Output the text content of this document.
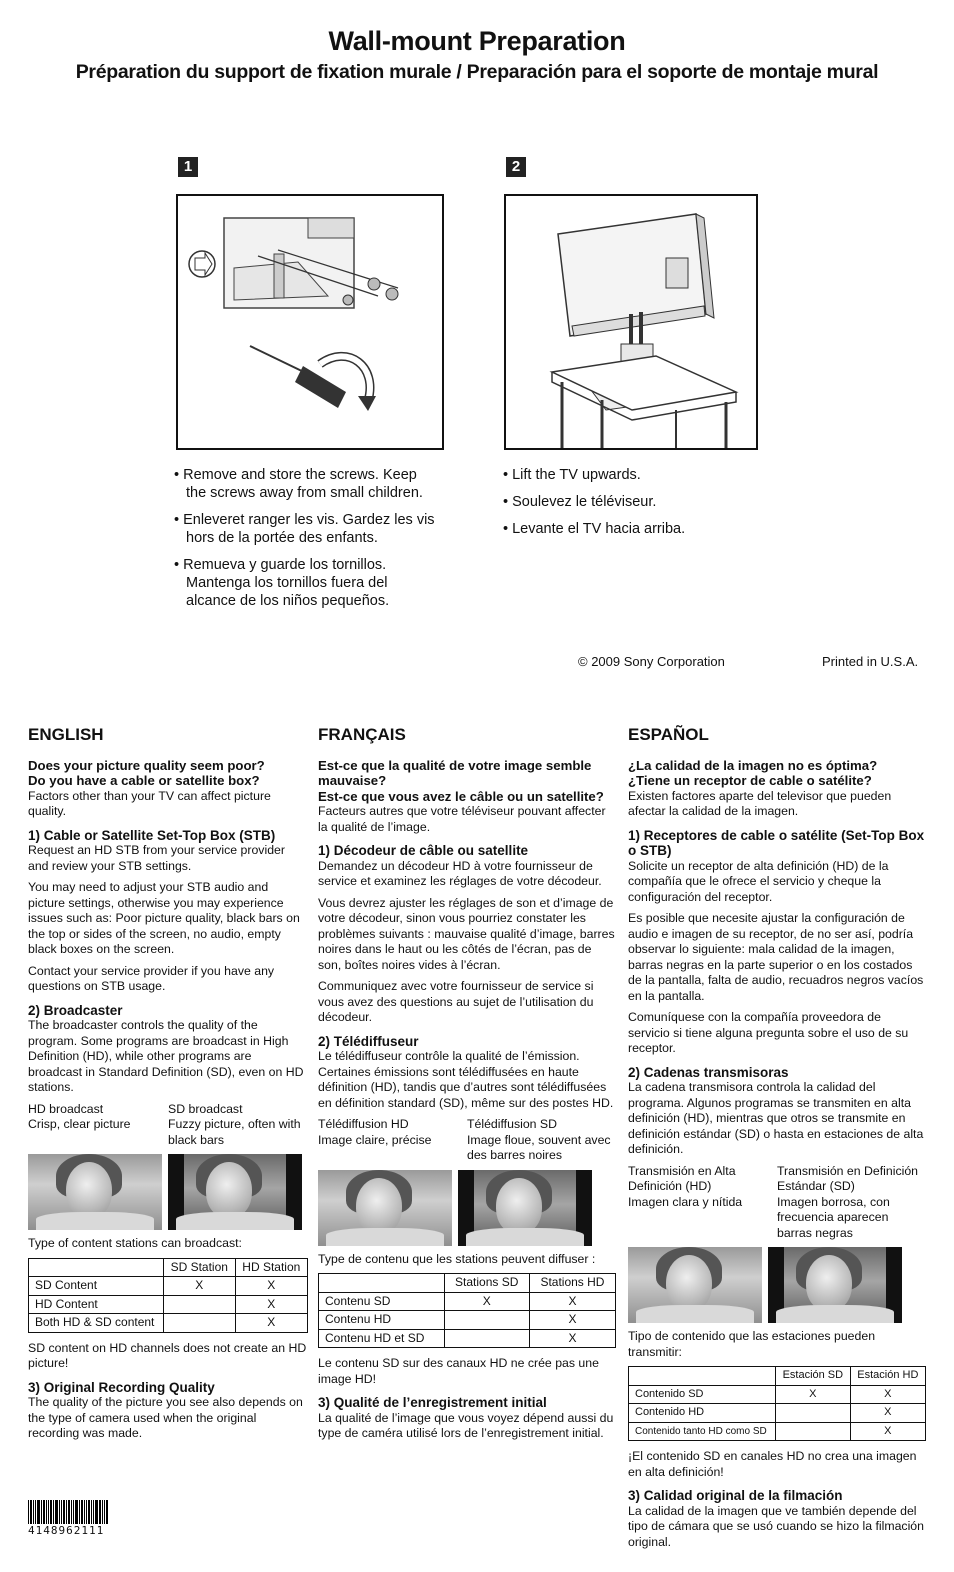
Wall-mount Preparation
Préparation du support de fixation murale / Preparación para el soporte de montaje mural
1

• Remove and store the screws. Keep the screws away from small children.

• Enleveret ranger les vis. Gardez les vis hors de la portée des enfants.

• Remueva y guarde los tornillos. Mantenga los tornillos fuera del alcance de los niños pequeños.

2

• Lift the TV upwards.

• Soulevez le téléviseur.

• Levante el TV hacia arriba.

© 2009 Sony Corporation	Printed in U.S.A.
ENGLISH
Does your picture quality seem poor?
Do you have a cable or satellite box?

Factors other than your TV can affect picture quality.

1) Cable or Satellite Set-Top Box (STB)

Request an HD STB from your service provider and review your STB settings.

You may need to adjust your STB audio and picture settings, otherwise you may experience issues such as: Poor picture quality, black bars on the top or sides of the screen, no audio, empty black boxes on the screen.

Contact your service provider if you have any questions on STB usage.

2) Broadcaster

The broadcaster controls the quality of the program. Some programs are broadcast in High Definition (HD), while other programs are broadcast in Standard Definition (SD), even on HD stations.

HD broadcast
Crisp, clear picture
SD broadcast
Fuzzy picture, often with black bars

Type of content stations can broadcast:

	SD Station	HD Station
SD Content	X	X
HD Content		X
Both HD & SD content		X

SD content on HD channels does not create an HD picture!

3) Original Recording Quality

The quality of the picture you see also depends on the type of camera used when the original recording was made.

FRANÇAIS
Est-ce que la qualité de votre image semble mauvaise?
Est-ce que vous avez le câble ou un satellite?

Facteurs autres que votre téléviseur pouvant affecter la qualité de l’image.

1) Décodeur de câble ou satellite

Demandez un décodeur HD à votre fournisseur de service et examinez les réglages de votre décodeur.

Vous devrez ajuster les réglages de son et d’image de votre décodeur, sinon vous pourriez constater les problèmes suivants : mauvaise qualité d’image, barres noires dans le haut ou les côtés de l’écran, pas de son, boîtes noires vides à l’écran.

Communiquez avec votre fournisseur de service si vous avez des questions au sujet de l’utilisation du décodeur.

2) Télédiffuseur

Le télédiffuseur contrôle la qualité de l’émission. Certaines émissions sont télédiffusées en haute définition (HD), tandis que d’autres sont télédiffusées en définition standard (SD), même sur des postes HD.

Télédiffusion HD
Image claire, précise
Télédiffusion SD
Image floue, souvent avec des barres noires

Type de contenu que les stations peuvent diffuser :

	Stations SD	Stations HD
Contenu SD	X	X
Contenu HD		X
Contenu HD et SD		X

Le contenu SD sur des canaux HD ne crée pas une image HD!

3) Qualité de l’enregistrement initial

La qualité de l’image que vous voyez dépend aussi du type de caméra utilisé lors de l’enregistrement initial.

ESPAÑOL
¿La calidad de la imagen no es óptima?
¿Tiene un receptor de cable o satélite?

Existen factores aparte del televisor que pueden afectar la calidad de la imagen.

1) Receptores de cable o satélite (Set-Top Box o STB)

Solicite un receptor de alta definición (HD) de la compañía que le ofrece el servicio y cheque la configuración del receptor.

Es posible que necesite ajustar la configuración de audio e imagen de su receptor, de no ser así, podría observar lo siguiente: mala calidad de la imagen, barras negras en la parte superior o en los costados de la pantalla, falta de audio, recuadros negros vacíos en la pantalla.

Comuníquese con la compañía proveedora de servicio si tiene alguna pregunta sobre el uso de su receptor.

2) Cadenas transmisoras

La cadena transmisora controla la calidad del programa. Algunos programas se transmiten en alta definición (HD), mientras que otros se transmite en definición estándar (SD) o hasta en estaciones de alta definición.

Transmisión en Alta Definición (HD)
Imagen clara y nítida
Transmisión en Definición Estándar (SD)
Imagen borrosa, con frecuencia aparecen barras negras

Tipo de contenido que las estaciones pueden transmitir:

	Estación SD	Estación HD
Contenido SD	X	X
Contenido HD		X
Contenido tanto HD como SD		X

¡El contenido SD en canales HD no crea una imagen en alta definición!

3) Calidad original de la filmación

La calidad de la imagen que ve también depende del tipo de cámara que se usó cuando se hizo la filmación original.

4148962111
